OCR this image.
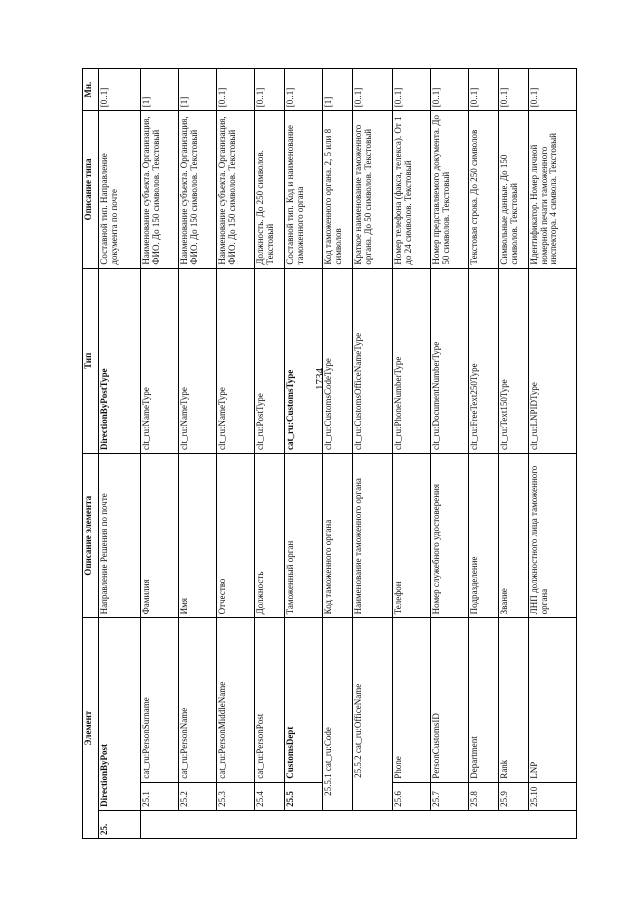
1734
Элемент			Описание элемента	Тип	Описание типа	Мн.
25.	DirectionByPost		Направление Решения по почте	DirectionByPostType	Составной тип. Направление документа по почте	[0..1]
	25.1	cat_ru:PersonSurname	Фамилия	clt_ru:NameType	Наименование субъекта. Организация, ФИО. До 150 символов. Текстовый	[1]
	25.2	cat_ru:PersonName	Имя	clt_ru:NameType	Наименование субъекта. Организация, ФИО. До 150 символов. Текстовый	[1]
	25.3	cat_ru:PersonMiddleName	Отчество	clt_ru:NameType	Наименование субъекта. Организация, ФИО. До 150 символов. Текстовый	[0..1]
	25.4	cat_ru:PersonPost	Должность	clt_ru:PostType	Должность. До 250 символов. Текстовый	[0..1]
	25.5	CustomsDept	Таможенный орган	cat_ru:CustomsType	Составной тип. Код и наименование таможенного органа	[0..1]
	25.5.1 cat_ru:Code		Код таможенного органа	clt_ru:CustomsCodeType	Код таможенного органа. 2, 5 или 8 символов	[1]
	25.5.2 cat_ru:OfficeName		Наименование таможенного органа	clt_ru:CustomsOfficeNameType	Краткое наименование таможенного органа. До 50 символов. Текстовый	[0..1]
	25.6	Phone	Телефон	clt_ru:PhoneNumberType	Номер телефона (факса, телекса). От 1 до 24 символов. Текстовый	[0..1]
	25.7	PersonCustomsID	Номер служебного удостоверения	clt_ru:DocumentNumberType	Номер представляемого документа. До 50 символов. Текстовый	[0..1]
	25.8	Department	Подразделение	clt_ru:FreeText250Type	Текстовая строка. До 250 символов	[0..1]
	25.9	Rank	Звание	clt_ru:Text150Type	Символьные данные. До 150 символов. Текстовый	[0..1]
	25.10	LNP	ЛНП должностного лица таможенного органа	clt_ru:LNPIDType	Идентификатор. Номер личной номерной печати таможенного инспектора. 4 символа. Текстовый	[0..1]
